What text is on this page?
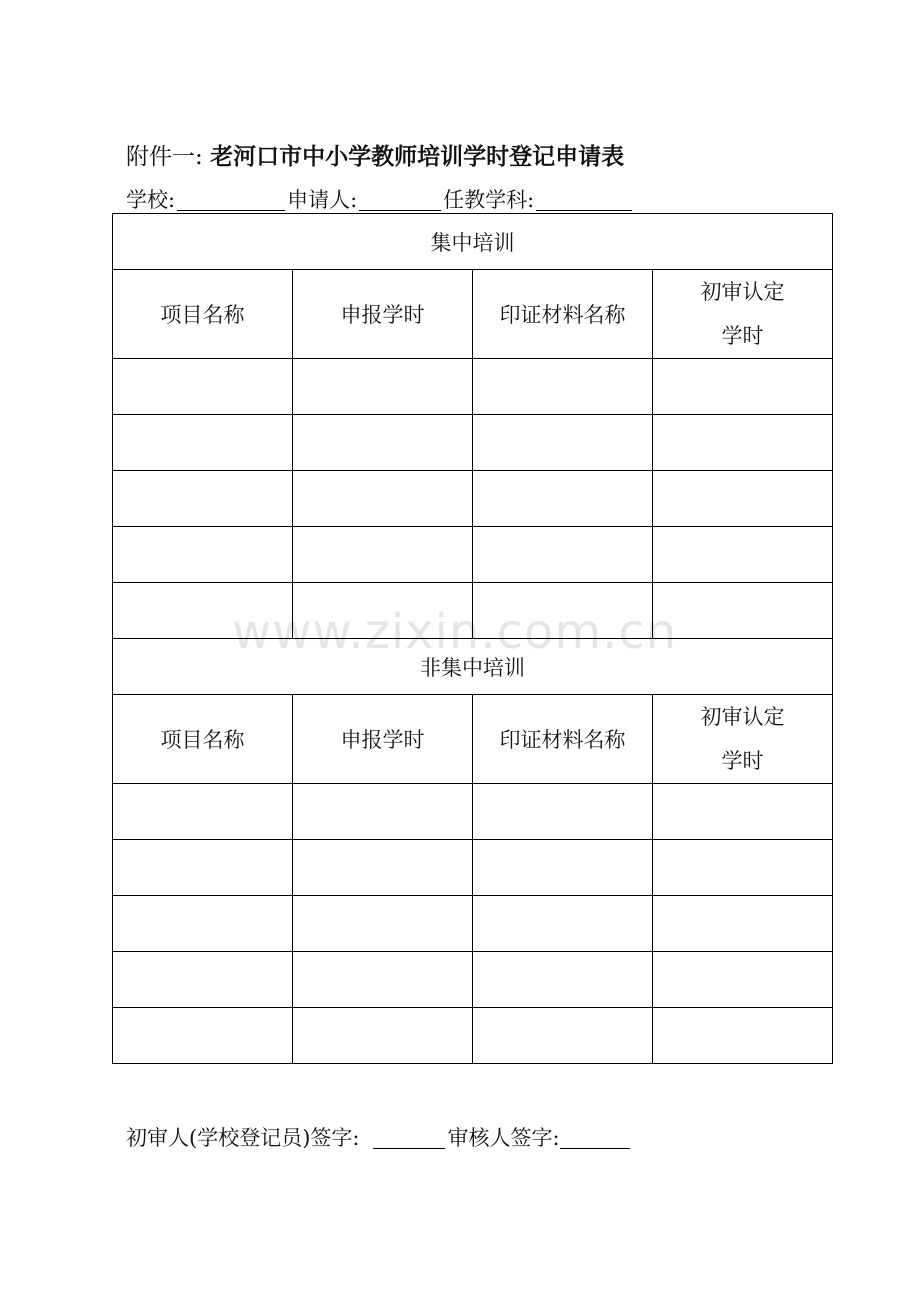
附件一: 老河口市中小学教师培训学时登记申请表
学校:	申请人:	任教学科:
集中培训			
项目名称	申报学时	印证材料名称	初审认定
学时

非集中培训			
项目名称	申报学时	印证材料名称	初审认定
学时

www.zixin.com.cn
初审人(学校登记员)签字:	审核人签字:
